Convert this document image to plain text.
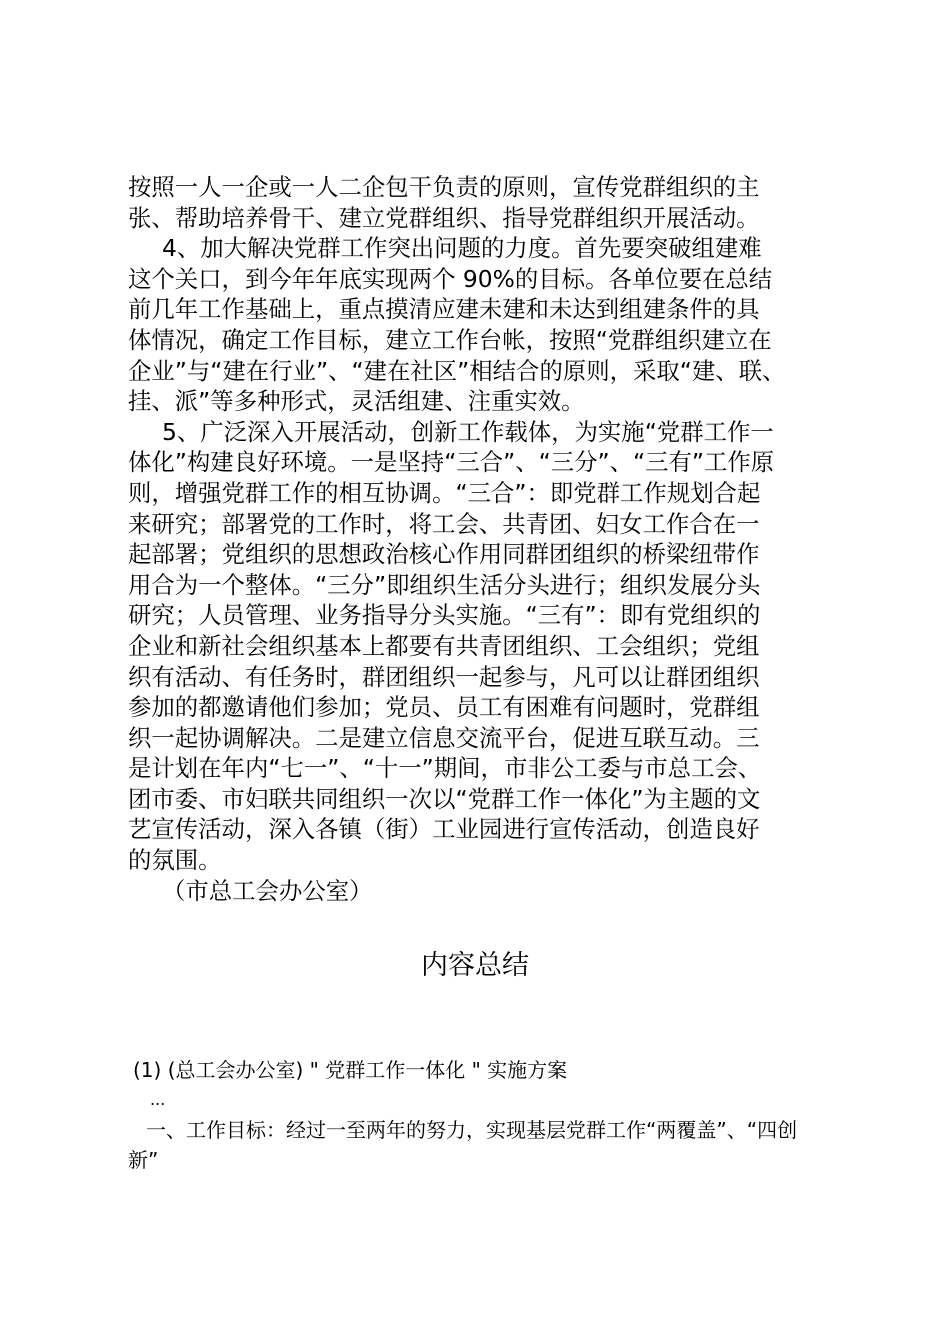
按照一人一企或一人二企包干负责的原则，宣传党群组织的主
张、帮助培养骨干、建立党群组织、指导党群组织开展活动。

4、加大解决党群工作突出问题的力度。首先要突破组建难
这个关口，到今年年底实现两个 90%的目标。各单位要在总结
前几年工作基础上，重点摸清应建未建和未达到组建条件的具
体情况，确定工作目标，建立工作台帐，按照“党群组织建立在
企业”与“建在行业”、“建在社区”相结合的原则，采取“建、联、
挂、派”等多种形式，灵活组建、注重实效。

5、广泛深入开展活动，创新工作载体，为实施“党群工作一
体化”构建良好环境。一是坚持“三合”、“三分”、“三有”工作原
则，增强党群工作的相互协调。“三合”：即党群工作规划合起
来研究；部署党的工作时，将工会、共青团、妇女工作合在一
起部署；党组织的思想政治核心作用同群团组织的桥梁纽带作
用合为一个整体。“三分”即组织生活分头进行；组织发展分头
研究；人员管理、业务指导分头实施。“三有”：即有党组织的
企业和新社会组织基本上都要有共青团组织、工会组织；党组
织有活动、有任务时，群团组织一起参与，凡可以让群团组织
参加的都邀请他们参加；党员、员工有困难有问题时，党群组
织一起协调解决。二是建立信息交流平台，促进互联互动。三
是计划在年内“七一”、“十一”期间，市非公工委与市总工会、
团市委、市妇联共同组织一次以“党群工作一体化”为主题的文
艺宣传活动，深入各镇（街）工业园进行宣传活动，创造良好
的氛围。

（市总工会办公室）

内容总结
(1) (总工会办公室) " 党群工作一体化 " 实施方案
...
一、工作目标：经过一至两年的努力，实现基层党群工作“两覆盖”、“四创
新”
